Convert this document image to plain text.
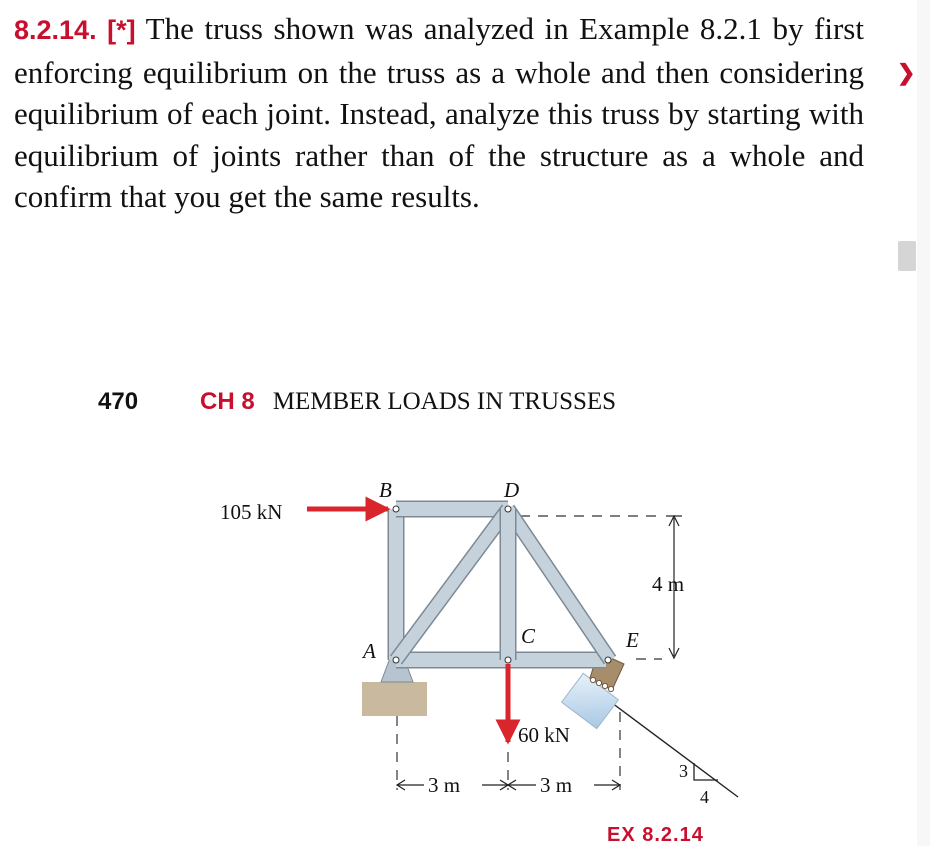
8.2.14. [*] The truss shown was analyzed in Example 8.2.1 by first enforcing equilibrium on the truss as a whole and then considering equilibrium of each joint. Instead, analyze this truss by starting with equilibrium of joints rather than of the structure as a whole and confirm that you get the same results.
❯
470	CH 8 MEMBER LOADS IN TRUSSES
B	D
A
C	E
105 kN
60 kN
4 m
3 m	3 m
3
4
EX 8.2.14
